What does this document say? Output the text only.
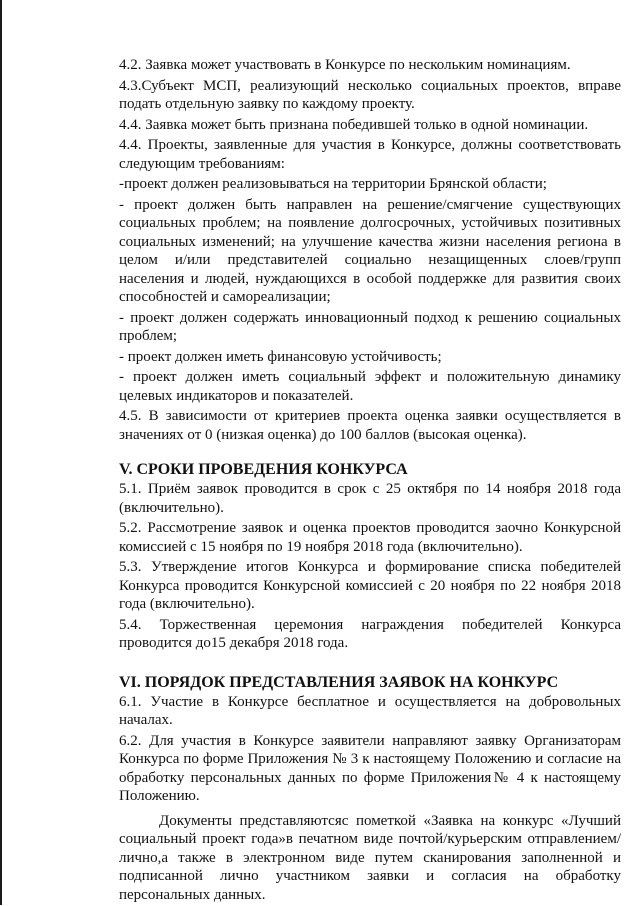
4.2. Заявка может участвовать в Конкурсе по нескольким номинациям.

4.3.Субъект МСП, реализующий несколько социальных проектов, вправе подать отдельную заявку по каждому проекту.

4.4. Заявка может быть признана победившей только в одной номинации.

4.4. Проекты, заявленные для участия в Конкурсе, должны соответствовать следующим требованиям:

-проект должен реализовываться на территории Брянской области;

- проект должен быть направлен на решение/смягчение существующих социальных проблем; на появление долгосрочных, устойчивых позитивных социальных изменений; на улучшение качества жизни населения региона в целом и/или представителей социально незащищенных слоев/групп населения и людей, нуждающихся в особой поддержке для развития своих способностей и самореализации;

- проект должен содержать инновационный подход к решению социальных проблем;

- проект должен иметь финансовую устойчивость;

- проект должен иметь социальный эффект и положительную динамику целевых индикаторов и показателей.

4.5. В зависимости от критериев проекта оценка заявки осуществляется в значениях от 0 (низкая оценка) до 100 баллов (высокая оценка).

V. СРОКИ ПРОВЕДЕНИЯ КОНКУРСА

5.1. Приём заявок проводится в срок с 25 октября по 14 ноября 2018 года (включительно).

5.2. Рассмотрение заявок и оценка проектов проводится заочно Конкурсной комиссией с 15 ноября по 19 ноября 2018 года (включительно).

5.3. Утверждение итогов Конкурса и формирование списка победителей Конкурса проводится Конкурсной комиссией с 20 ноября по 22 ноября 2018 года (включительно).

5.4. Торжественная церемония награждения победителей Конкурса проводится до15 декабря 2018 года.

VI. ПОРЯДОК ПРЕДСТАВЛЕНИЯ ЗАЯВОК НА КОНКУРС

6.1. Участие в Конкурсе бесплатное и осуществляется на добровольных началах.

6.2. Для участия в Конкурсе заявители направляют заявку Организаторам Конкурса по форме Приложения № 3 к настоящему Положению и согласие на обработку персональных данных по форме Приложения№ 4 к настоящему Положению.

Документы представляютсяс пометкой «Заявка на конкурс «Лучший социальный проект года»в печатном виде почтой/курьерским отправлением/лично,а также в электронном виде путем сканирования заполненной и подписанной лично участником заявки и согласия на обработку персональных данных.
